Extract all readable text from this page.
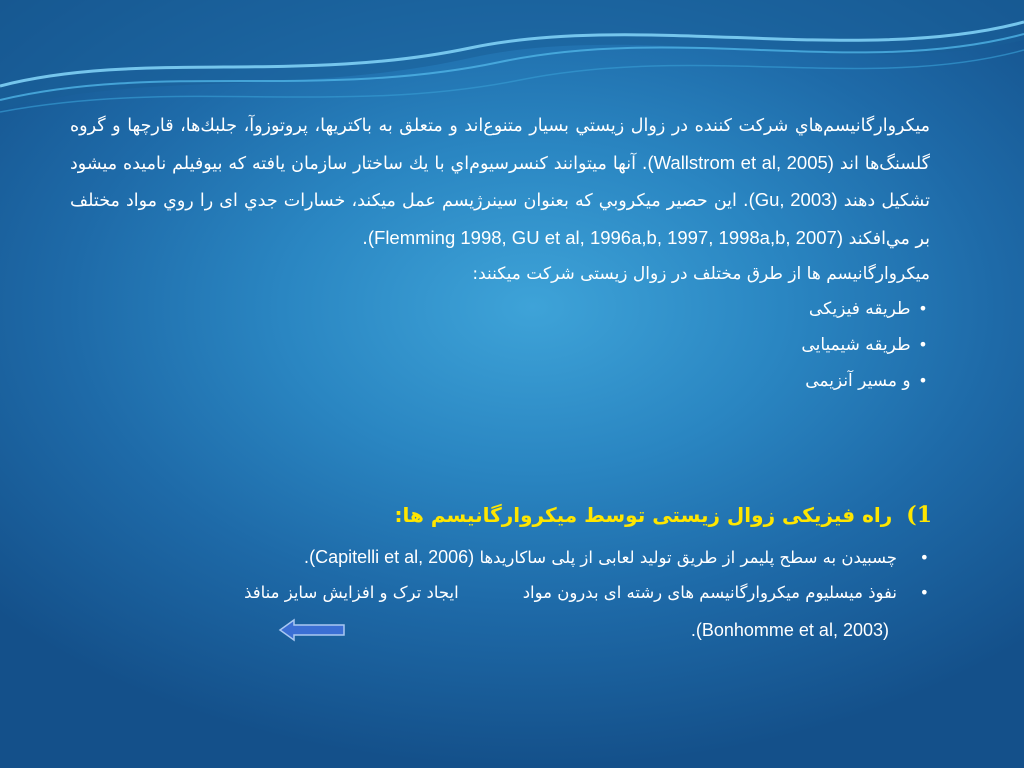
میکروارگانیسم‌هاي شرکت کننده در زوال زیستي بسيار متنوع‌اند و متعلق به باکتریها، پروتوزوآ، جلبك‌ها، قارچها و گروه گلسنگ‌ها اند (Wallstrom et al, 2005). آنها ميتوانند کنسرسيوم‌اي با يك ساختار سازمان يافته که بیوفیلم نامیده میشود تشکیل دهند (Gu, 2003). این حصیر میکروبي که بعنوان سینرژیسم عمل میکند، خسارات جدي ای را روي مواد مختلف بر مي‌افکند (Flemming 1998, GU et al, 1996a,b, 1997, 1998a,b, 2007).

میکروارگانیسم ها از طرق مختلف در زوال زیستی شرکت میکنند:

• طریقه فیزیکی
• طریقه شیمیایی
• و مسیر آنزیمی

1)راه فیزیکی زوال زیستی توسط میکروارگانیسم ها:

•
چسبیدن به سطح پلیمر از طریق تولید لعابی از پلی ساکاریدها (Capitelli et al, 2006).
•
نفوذ میسلیوم میکروارگانیسم های رشته ای بدرون موادایجاد ترک و افزایش سایز منافذ
(Bonhomme et al, 2003).
